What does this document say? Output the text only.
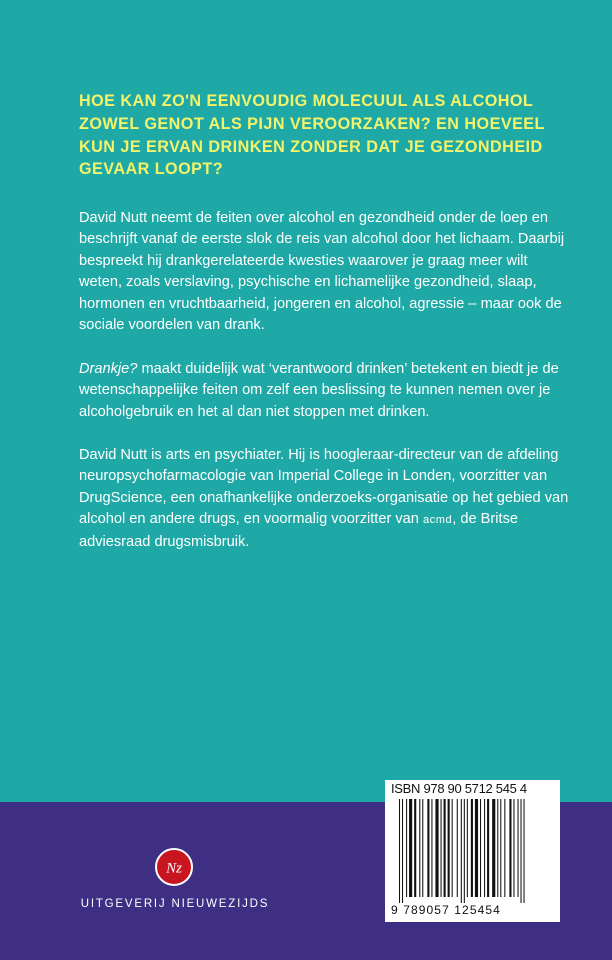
HOE KAN ZO'N EENVOUDIG MOLECUUL ALS ALCOHOL ZOWEL GENOT ALS PIJN VEROORZAKEN? EN HOEVEEL KUN JE ERVAN DRINKEN ZONDER DAT JE GEZONDHEID GEVAAR LOOPT?

David Nutt neemt de feiten over alcohol en gezondheid onder de loep en beschrijft vanaf de eerste slok de reis van alcohol door het lichaam. Daarbij bespreekt hij drankgerelateerde kwesties waarover je graag meer wilt weten, zoals verslaving, psychische en lichamelijke gezondheid, slaap, hormonen en vruchtbaarheid, jongeren en alcohol, agressie – maar ook de sociale voordelen van drank.

Drankje? maakt duidelijk wat ‘verantwoord drinken’ betekent en biedt je de wetenschappelijke feiten om zelf een beslissing te kunnen nemen over je alcoholgebruik en het al dan niet stoppen met drinken.

David Nutt is arts en psychiater. Hij is hoogleraar-directeur van de afdeling neuropsychofarmacologie van Imperial College in Londen, voorzitter van DrugScience, een onafhankelijke onderzoeks-organisatie op het gebied van alcohol en andere drugs, en voormalig voorzitter van acmd, de Britse adviesraad drugsmisbruik.

Nz
UITGEVERIJ NIEUWEZIJDS
ISBN 978 90 5712 545 4
9 789057 125454
